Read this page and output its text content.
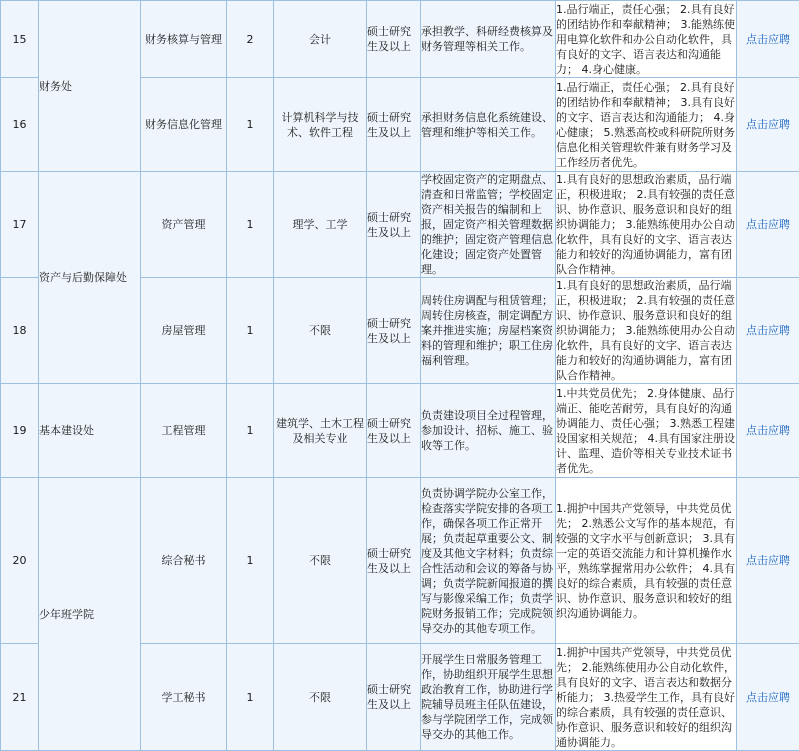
15	财务处	财务核算与管理	2	会计	硕士研究生及以上	承担教学、科研经费核算及财务管理等相关工作。	1.品行端正，责任心强； 2.具有良好的团结协作和奉献精神； 3.能熟练使用电算化软件和办公自动化软件，具有良好的文字、语言表达和沟通能力； 4.身心健康。	点击应聘
16		财务信息化管理	1	计算机科学与技术、软件工程	硕士研究生及以上	承担财务信息化系统建设、管理和维护等相关工作。	1.品行端正，责任心强； 2.具有良好的团结协作和奉献精神； 3.具有良好的文字、语言表达和沟通能力； 4.身心健康； 5.熟悉高校或科研院所财务信息化相关管理软件兼有财务学习及工作经历者优先。	点击应聘
17	资产与后勤保障处	资产管理	1	理学、工学	硕士研究生及以上	学校固定资产的定期盘点、清查和日常监管；学校固定资产相关报告的编制和上报，固定资产相关管理数据的维护；固定资产管理信息化建设；固定资产处置管理。	1.具有良好的思想政治素质，品行端正，积极进取； 2.具有较强的责任意识、协作意识、服务意识和良好的组织协调能力； 3.能熟练使用办公自动化软件，具有良好的文字、语言表达能力和较好的沟通协调能力，富有团队合作精神。	点击应聘
18		房屋管理	1	不限	硕士研究生及以上	周转住房调配与租赁管理；周转住房核查，制定调配方案并推进实施；房屋档案资料的管理和维护；职工住房福利管理。	1.具有良好的思想政治素质，品行端正，积极进取； 2.具有较强的责任意识、协作意识、服务意识和良好的组织协调能力； 3.能熟练使用办公自动化软件，具有良好的文字、语言表达能力和较好的沟通协调能力，富有团队合作精神。	点击应聘
19	基本建设处	工程管理	1	建筑学、土木工程及相关专业	硕士研究生及以上	负责建设项目全过程管理，参加设计、招标、施工、验收等工作。	1.中共党员优先； 2.身体健康、品行端正、能吃苦耐劳，具有良好的沟通协调能力、责任心强； 3.熟悉工程建设国家相关规范； 4.具有国家注册设计、监理、造价等相关专业技术证书者优先。	点击应聘
20	少年班学院	综合秘书	1	不限	硕士研究生及以上	负责协调学院办公室工作，检查落实学院安排的各项工作，确保各项工作正常开展；负责起草重要公文、制度及其他文字材料；负责综合性活动和会议的筹备与协调；负责学院新闻报道的撰写与影像采编工作；负责学院财务报销工作；完成院领导交办的其他专项工作。	1.拥护中国共产党领导，中共党员优先； 2.熟悉公文写作的基本规范，有较强的文字水平与创新意识； 3.具有一定的英语交流能力和计算机操作水平，熟练掌握常用办公软件； 4.具有良好的综合素质，具有较强的责任意识、协作意识、服务意识和较好的组织沟通协调能力。	点击应聘
21		学工秘书	1	不限	硕士研究生及以上	开展学生日常服务管理工作，协助组织开展学生思想政治教育工作，协助进行学院辅导员班主任队伍建设，参与学院团学工作，完成领导交办的其他工作。	1.拥护中国共产党领导，中共党员优先； 2.能熟练使用办公自动化软件，具有良好的文字、语言表达和数据分析能力； 3.热爱学生工作，具有良好的综合素质，具有较强的责任意识、协作意识、服务意识和较好的组织沟通协调能力。	点击应聘
